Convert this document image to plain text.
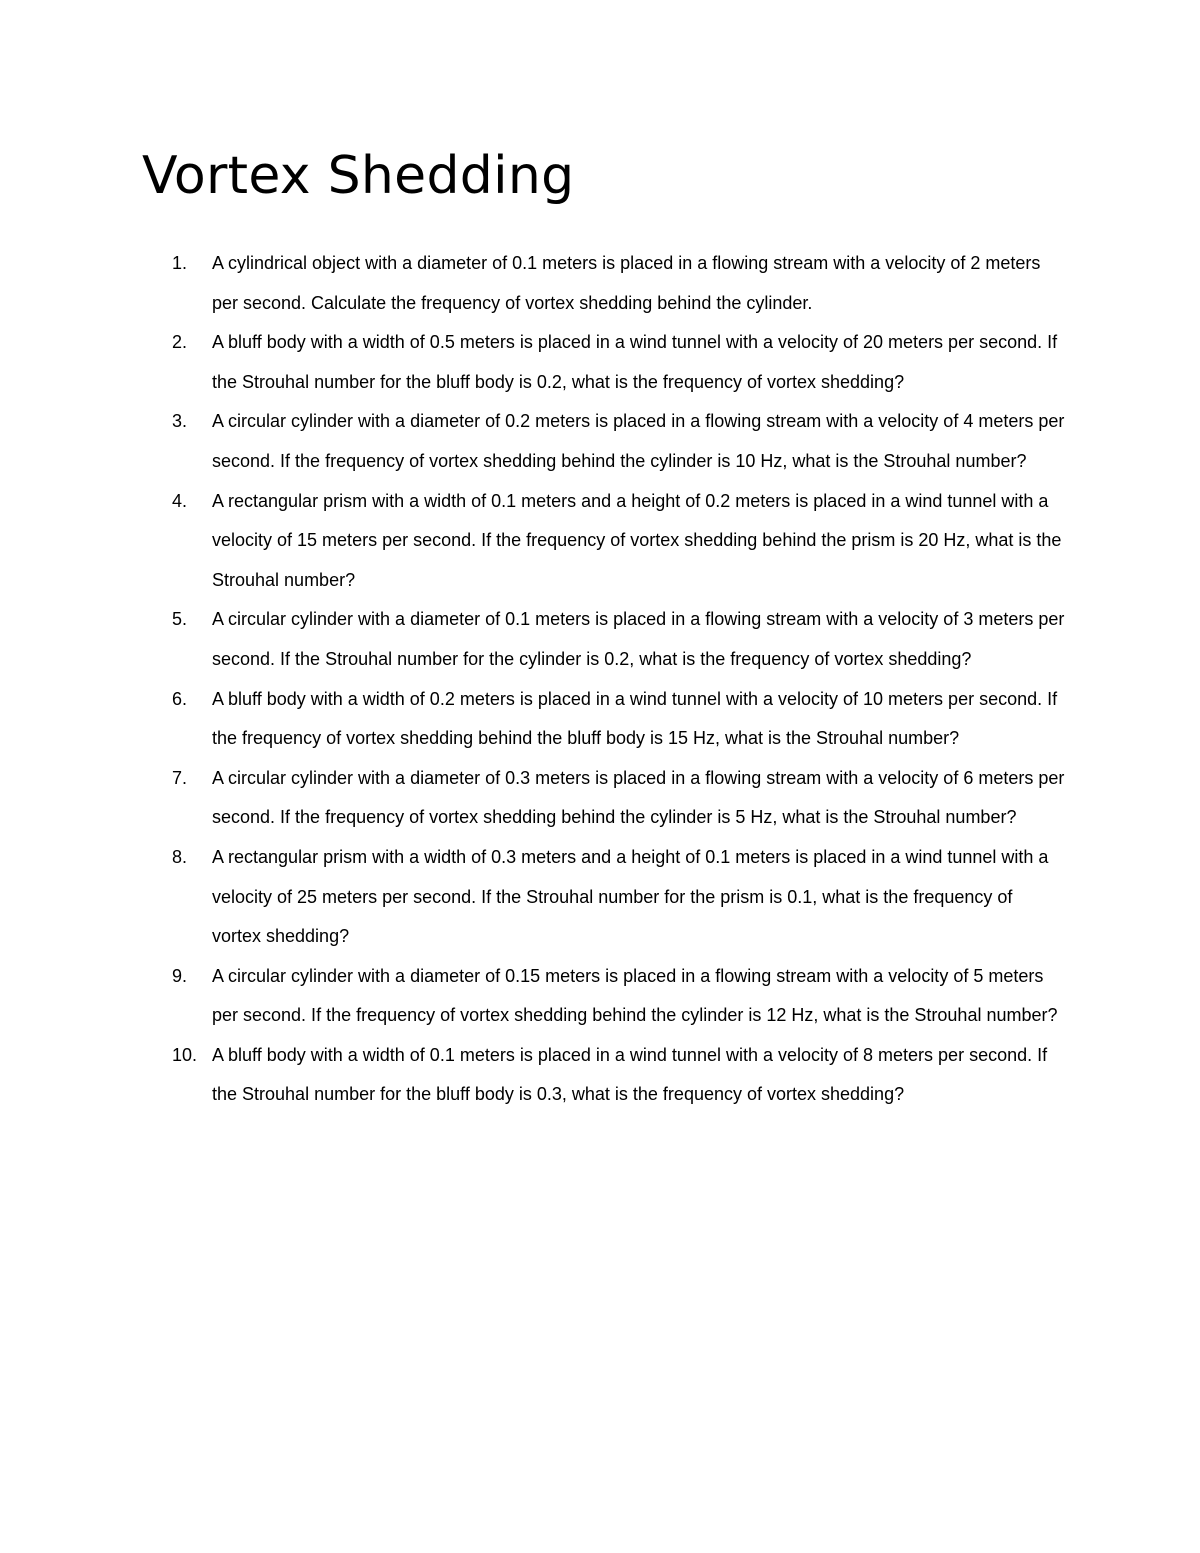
Vortex Shedding
1.	A cylindrical object with a diameter of 0.1 meters is placed in a flowing stream with a velocity of 2 meters per second. Calculate the frequency of vortex shedding behind the cylinder.
2.	A bluff body with a width of 0.5 meters is placed in a wind tunnel with a velocity of 20 meters per second. If the Strouhal number for the bluff body is 0.2, what is the frequency of vortex shedding?
3.	A circular cylinder with a diameter of 0.2 meters is placed in a flowing stream with a velocity of 4 meters per second. If the frequency of vortex shedding behind the cylinder is 10 Hz, what is the Strouhal number?
4.	A rectangular prism with a width of 0.1 meters and a height of 0.2 meters is placed in a wind tunnel with a velocity of 15 meters per second. If the frequency of vortex shedding behind the prism is 20 Hz, what is the Strouhal number?
5.	A circular cylinder with a diameter of 0.1 meters is placed in a flowing stream with a velocity of 3 meters per second. If the Strouhal number for the cylinder is 0.2, what is the frequency of vortex shedding?
6.	A bluff body with a width of 0.2 meters is placed in a wind tunnel with a velocity of 10 meters per second. If the frequency of vortex shedding behind the bluff body is 15 Hz, what is the Strouhal number?
7.	A circular cylinder with a diameter of 0.3 meters is placed in a flowing stream with a velocity of 6 meters per second. If the frequency of vortex shedding behind the cylinder is 5 Hz, what is the Strouhal number?
8.	A rectangular prism with a width of 0.3 meters and a height of 0.1 meters is placed in a wind tunnel with a velocity of 25 meters per second. If the Strouhal number for the prism is 0.1, what is the frequency of vortex shedding?
9.	A circular cylinder with a diameter of 0.15 meters is placed in a flowing stream with a velocity of 5 meters per second. If the frequency of vortex shedding behind the cylinder is 12 Hz, what is the Strouhal number?
10. A bluff body with a width of 0.1 meters is placed in a wind tunnel with a velocity of 8 meters per second. If the Strouhal number for the bluff body is 0.3, what is the frequency of vortex shedding?
